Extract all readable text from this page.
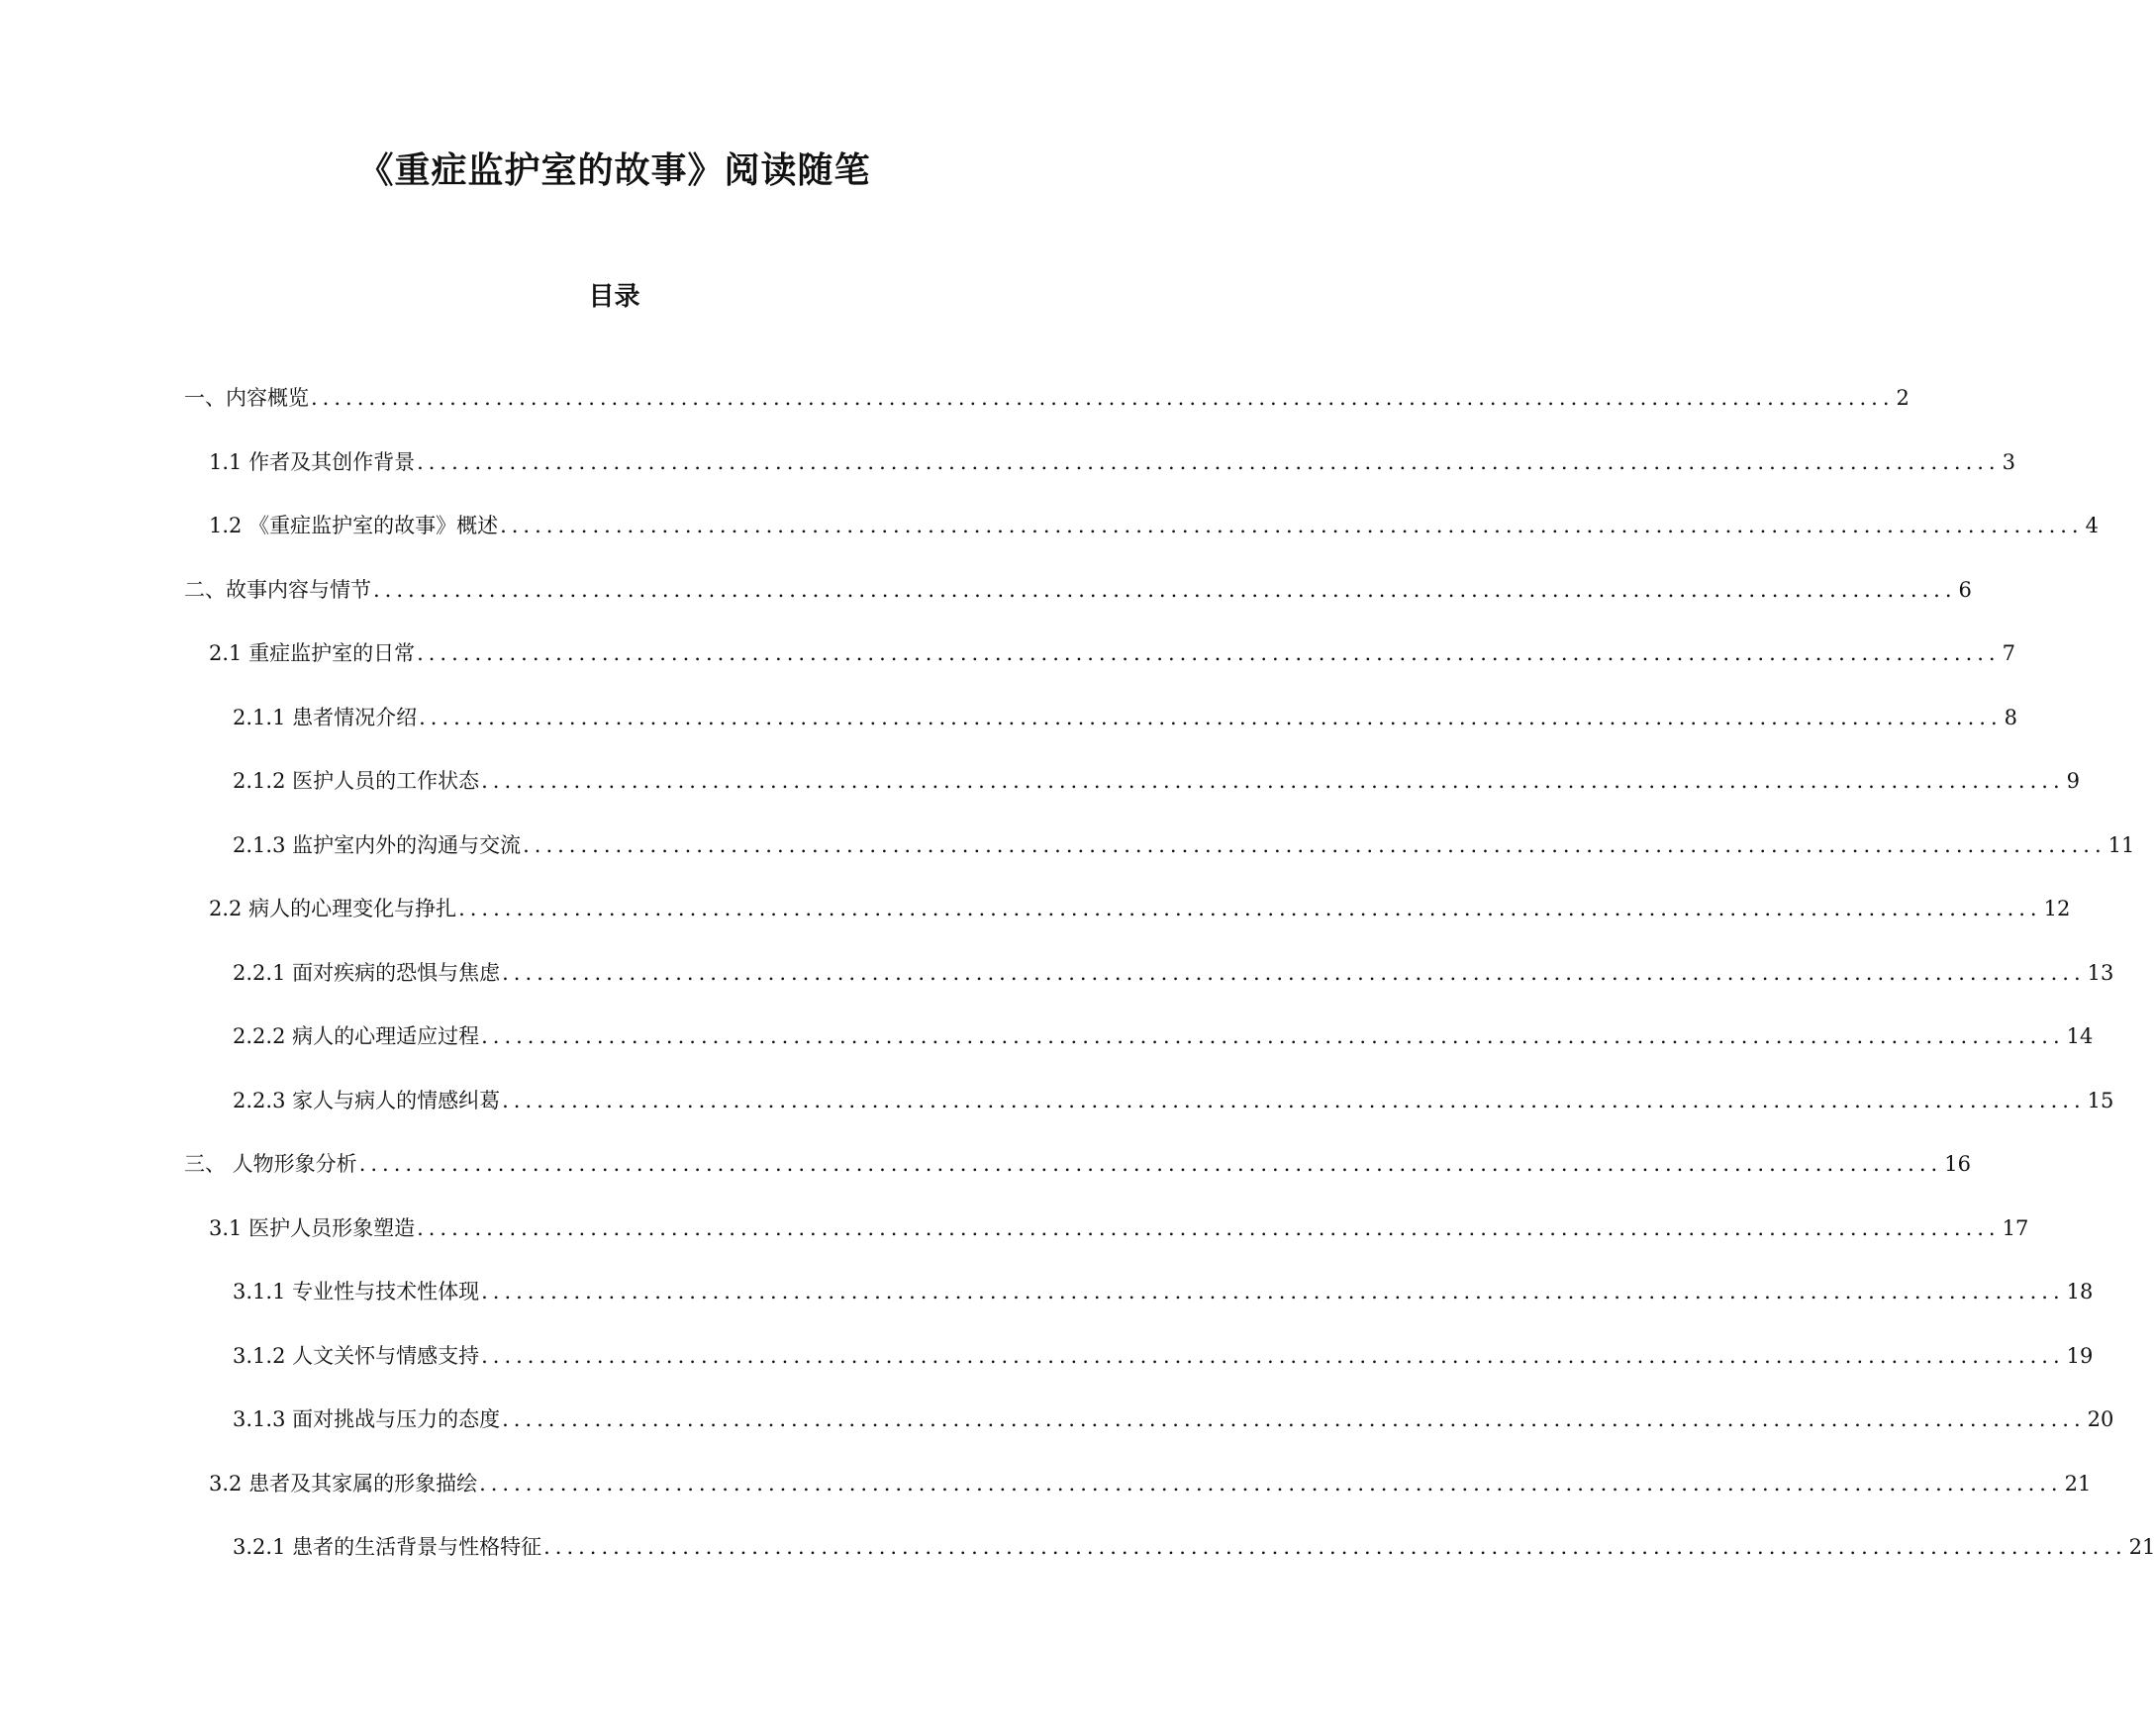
《重症监护室的故事》阅读随笔
目录
一、内容概览 ......................................................................................................................................... 2
1.1 作者及其创作背景 ......................................................................................................................................... 3
1.2 《重症监护室的故事》概述 ......................................................................................................................................... 4
二、故事内容与情节 ......................................................................................................................................... 6
2.1 重症监护室的日常 ......................................................................................................................................... 7
2.1.1 患者情况介绍 ......................................................................................................................................... 8
2.1.2 医护人员的工作状态 ......................................................................................................................................... 9
2.1.3 监护室内外的沟通与交流 ......................................................................................................................................... 11
2.2 病人的心理变化与挣扎 ......................................................................................................................................... 12
2.2.1 面对疾病的恐惧与焦虑 ......................................................................................................................................... 13
2.2.2 病人的心理适应过程 ......................................................................................................................................... 14
2.2.3 家人与病人的情感纠葛 ......................................................................................................................................... 15
三、 人物形象分析 ......................................................................................................................................... 16
3.1 医护人员形象塑造 ......................................................................................................................................... 17
3.1.1 专业性与技术性体现 ......................................................................................................................................... 18
3.1.2 人文关怀与情感支持 ......................................................................................................................................... 19
3.1.3 面对挑战与压力的态度 ......................................................................................................................................... 20
3.2 患者及其家属的形象描绘 ......................................................................................................................................... 21
3.2.1 患者的生活背景与性格特征 ......................................................................................................................................... 21
